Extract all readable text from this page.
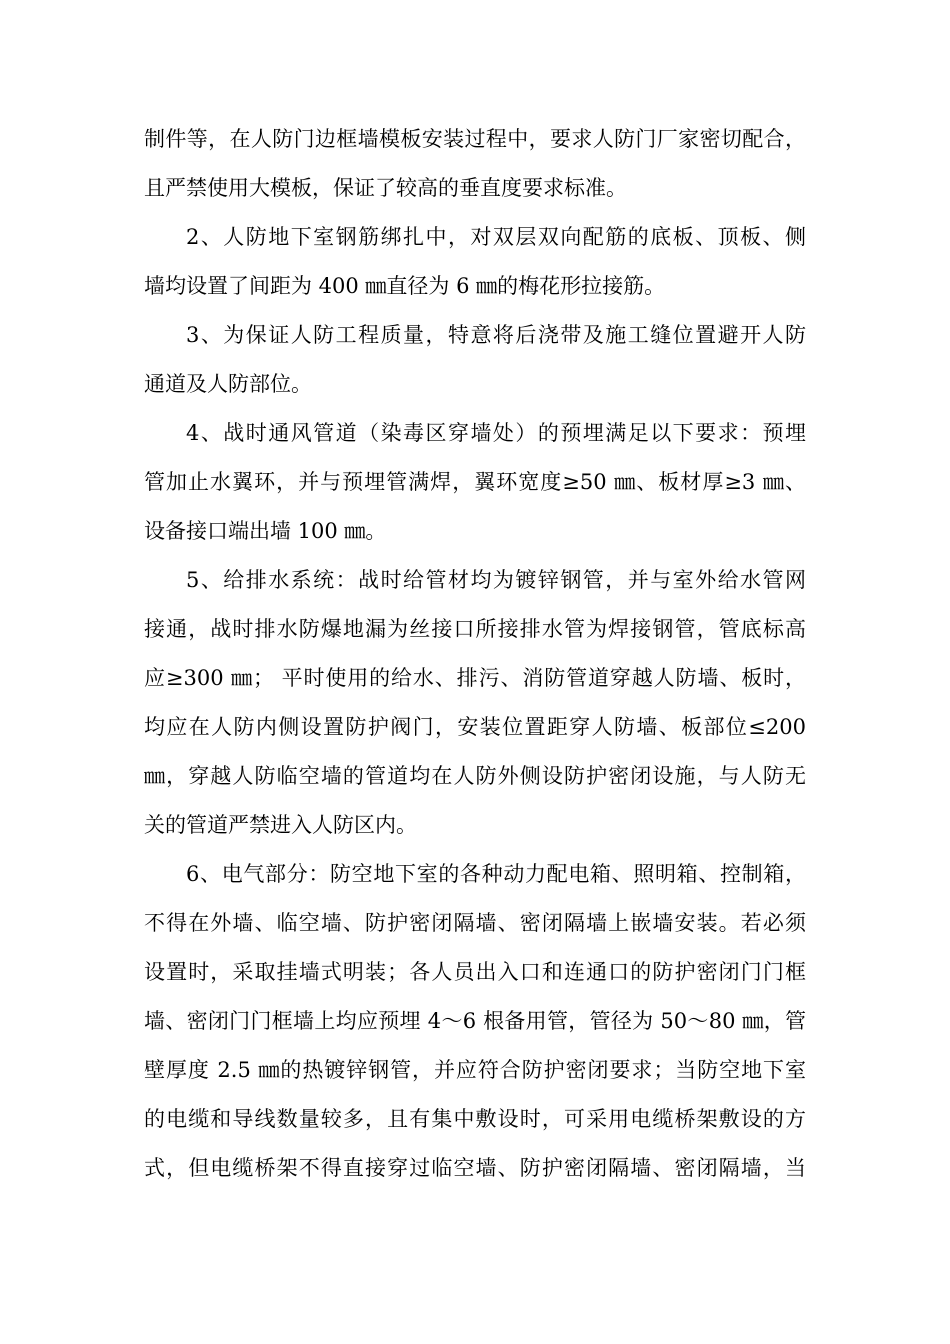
制件等，在人防门边框墙模板安装过程中，要求人防门厂家密切配合，
且严禁使用大模板，保证了较高的垂直度要求标准。
2、人防地下室钢筋绑扎中，对双层双向配筋的底板、顶板、侧
墙均设置了间距为 400 ㎜直径为 6 ㎜的梅花形拉接筋。
3、为保证人防工程质量，特意将后浇带及施工缝位置避开人防
通道及人防部位。
4、战时通风管道（染毒区穿墙处）的预埋满足以下要求：预埋
管加止水翼环，并与预埋管满焊，翼环宽度≥50 ㎜、板材厚≥3 ㎜、
设备接口端出墙 100 ㎜。
5、给排水系统：战时给管材均为镀锌钢管，并与室外给水管网
接通，战时排水防爆地漏为丝接口所接排水管为焊接钢管，管底标高
应≥300 ㎜； 平时使用的给水、排污、消防管道穿越人防墙、板时，
均应在人防内侧设置防护阀门，安装位置距穿人防墙、板部位≤200
㎜，穿越人防临空墙的管道均在人防外侧设防护密闭设施，与人防无
关的管道严禁进入人防区内。
6、电气部分：防空地下室的各种动力配电箱、照明箱、控制箱，
不得在外墙、临空墙、防护密闭隔墙、密闭隔墙上嵌墙安装。若必须
设置时，采取挂墙式明装；各人员出入口和连通口的防护密闭门门框
墙、密闭门门框墙上均应预埋 4～6 根备用管，管径为 50～80 ㎜，管
壁厚度 2.5 ㎜的热镀锌钢管，并应符合防护密闭要求；当防空地下室
的电缆和导线数量较多，且有集中敷设时，可采用电缆桥架敷设的方
式，但电缆桥架不得直接穿过临空墙、防护密闭隔墙、密闭隔墙，当
